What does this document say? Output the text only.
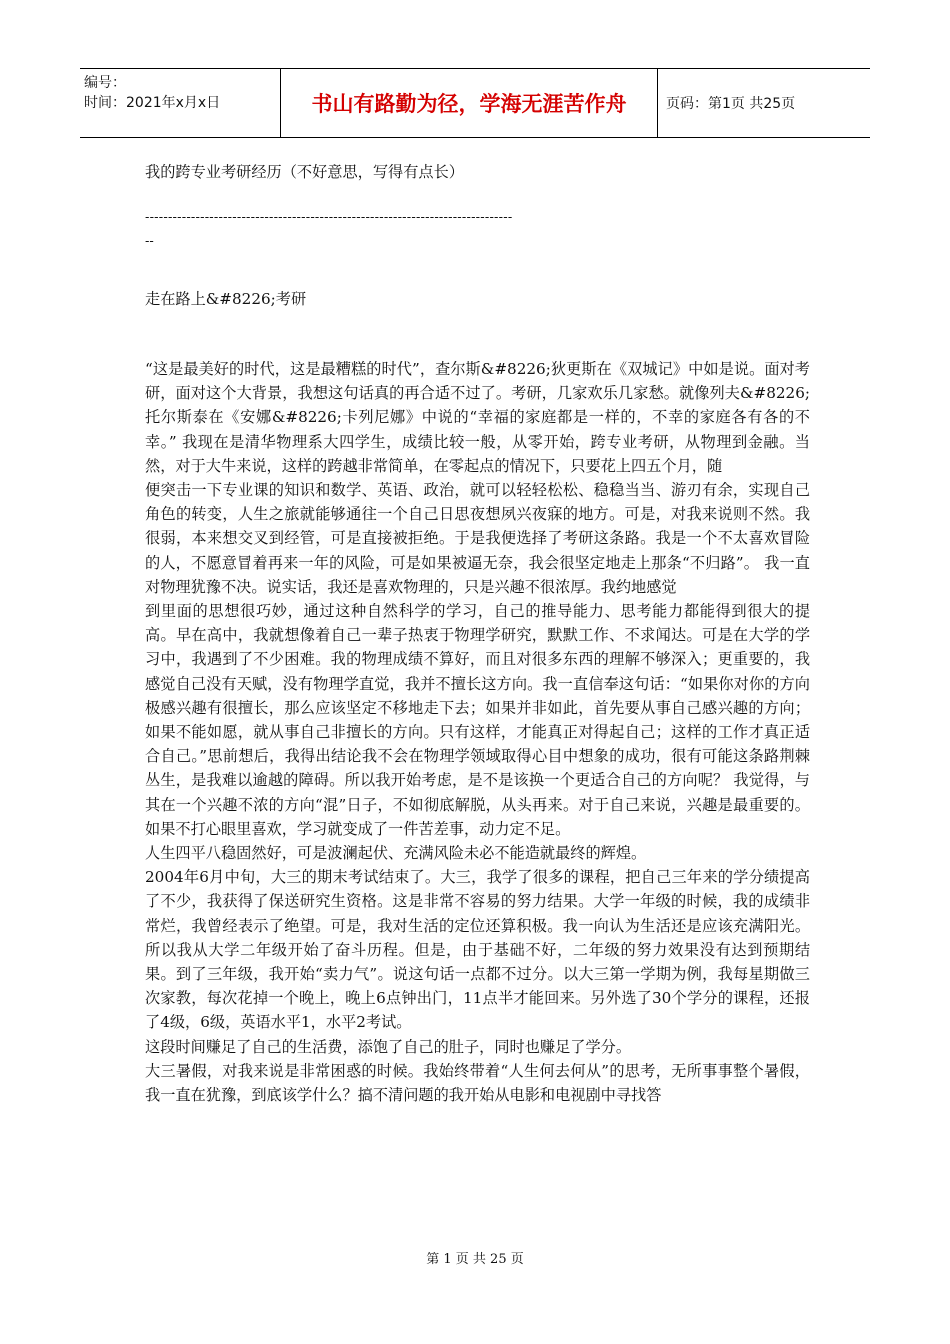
编号：
时间：2021年x月x日	书山有路勤为径，学海无涯苦作舟	页码：第1页 共25页
我的跨专业考研经历（不好意思，写得有点长）
--------------------------------------------------------------------------------
--
走在路上&#8226;考研

“这是最美好的时代，这是最糟糕的时代”，查尔斯&#8226;狄更斯在《双城记》中如是说。面对考研，面对这个大背景，我想这句话真的再合适不过了。考研，几家欢乐几家愁。就像列夫&#8226;托尔斯泰在《安娜&#8226;卡列尼娜》中说的“幸福的家庭都是一样的，不幸的家庭各有各的不幸。” 我现在是清华物理系大四学生，成绩比较一般，从零开始，跨专业考研，从物理到金融。当然，对于大牛来说，这样的跨越非常简单，在零起点的情况下，只要花上四五个月，随

便突击一下专业课的知识和数学、英语、政治，就可以轻轻松松、稳稳当当、游刃有余，实现自己角色的转变，人生之旅就能够通往一个自己日思夜想夙兴夜寐的地方。可是，对我来说则不然。我很弱，本来想交叉到经管，可是直接被拒绝。于是我便选择了考研这条路。我是一个不太喜欢冒险的人，不愿意冒着再来一年的风险，可是如果被逼无奈，我会很坚定地走上那条“不归路”。 我一直对物理犹豫不决。说实话，我还是喜欢物理的，只是兴趣不很浓厚。我约地感觉

到里面的思想很巧妙，通过这种自然科学的学习，自己的推导能力、思考能力都能得到很大的提高。早在高中，我就想像着自己一辈子热衷于物理学研究，默默工作、不求闻达。可是在大学的学习中，我遇到了不少困难。我的物理成绩不算好，而且对很多东西的理解不够深入；更重要的，我感觉自己没有天赋，没有物理学直觉，我并不擅长这方向。我一直信奉这句话：“如果你对你的方向极感兴趣有很擅长，那么应该坚定不移地走下去；如果并非如此，首先要从事自己感兴趣的方向；如果不能如愿，就从事自己非擅长的方向。只有这样，才能真正对得起自己；这样的工作才真正适合自己。”思前想后，我得出结论我不会在物理学领域取得心目中想象的成功，很有可能这条路荆棘丛生，是我难以逾越的障碍。所以我开始考虑，是不是该换一个更适合自己的方向呢？ 我觉得，与其在一个兴趣不浓的方向“混”日子，不如彻底解脱，从头再来。对于自己来说，兴趣是最重要的。如果不打心眼里喜欢，学习就变成了一件苦差事，动力定不足。

人生四平八稳固然好，可是波澜起伏、充满风险未必不能造就最终的辉煌。

2004年6月中旬，大三的期末考试结束了。大三，我学了很多的课程，把自己三年来的学分绩提高了不少，我获得了保送研究生资格。这是非常不容易的努力结果。大学一年级的时候，我的成绩非常烂，我曾经表示了绝望。可是，我对生活的定位还算积极。我一向认为生活还是应该充满阳光。所以我从大学二年级开始了奋斗历程。但是，由于基础不好，二年级的努力效果没有达到预期结果。到了三年级，我开始“卖力气”。说这句话一点都不过分。以大三第一学期为例，我每星期做三次家教，每次花掉一个晚上，晚上6点钟出门，11点半才能回来。另外选了30个学分的课程，还报了4级，6级，英语水平1，水平2考试。

这段时间赚足了自己的生活费，添饱了自己的肚子，同时也赚足了学分。

大三暑假，对我来说是非常困惑的时候。我始终带着“人生何去何从”的思考，无所事事整个暑假，我一直在犹豫，到底该学什么？搞不清问题的我开始从电影和电视剧中寻找答

第 1 页 共 25 页
